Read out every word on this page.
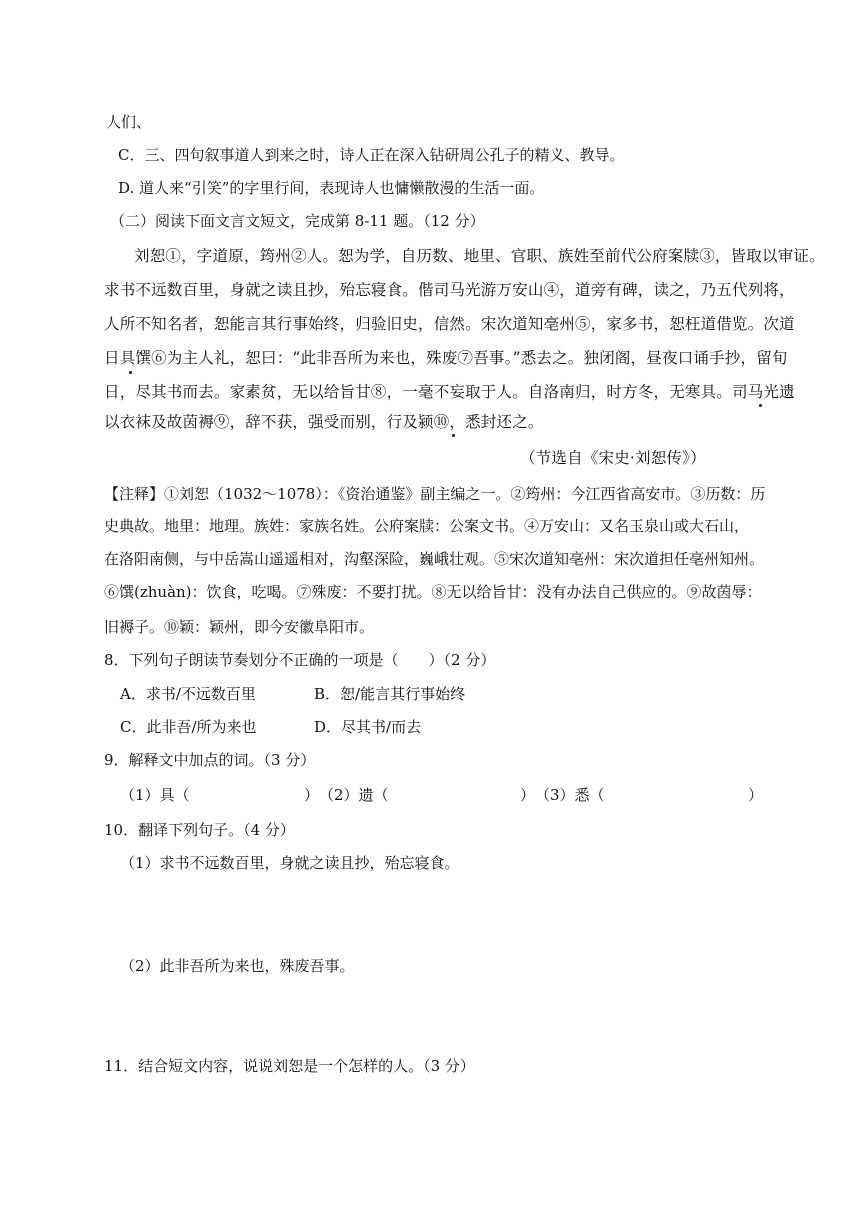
人们、
C．三、四句叙事道人到来之时，诗人正在深入钻研周公孔子的精义、教导。
D. 道人来“引笑”的字里行间，表现诗人也慵懒散漫的生活一面。
（二）阅读下面文言文短文，完成第 8-11 题。（12 分）
刘恕①，字道原，筠州②人。恕为学，自历数、地里、官职、族姓至前代公府案牍③，皆取以审证。
求书不远数百里，身就之读且抄，殆忘寝食。偕司马光游万安山④，道旁有碑，读之，乃五代列将，
人所不知名者，恕能言其行事始终，归验旧史，信然。宋次道知亳州⑤，家多书，恕枉道借览。次道
日具馔⑥为主人礼，恕曰：“此非吾所为来也，殊废⑦吾事。”悉去之。独闭阁，昼夜口诵手抄，留旬
日，尽其书而去。家素贫，无以给旨甘⑧，一毫不妄取于人。自洛南归，时方冬，无寒具。司马光遗
以衣袜及故茵褥⑨，辞不获，强受而别，行及颍⑩，悉封还之。
（节选自《宋史·刘恕传》）
【注释】①刘恕（1032～1078）：《资治通鉴》副主编之一。②筠州：今江西省高安市。③历数：历
史典故。地里：地理。族姓：家族名姓。公府案牍：公案文书。④万安山：又名玉泉山或大石山，
在洛阳南侧，与中岳嵩山遥遥相对，沟壑深险，巍峨壮观。⑤宋次道知亳州：宋次道担任亳州知州。
⑥馔(zhuàn)：饮食，吃喝。⑦殊废：不要打扰。⑧无以给旨甘：没有办法自己供应的。⑨故茵辱：
旧褥子。⑩颖：颖州，即今安徽阜阳市。
8．下列句子朗读节奏划分不正确的一项是（　　）（2 分）
A．求书/不远数百里	B．恕/能言其行事始终
C．此非吾/所为来也	D．尽其书/而去
9．解释文中加点的词。（3 分）
（1）具（	）　（2）遗（	）　（3）悉（	）
10．翻译下列句子。（4 分）
（1）求书不远数百里，身就之读且抄，殆忘寝食。
（2）此非吾所为来也，殊废吾事。
11．结合短文内容，说说刘恕是一个怎样的人。（3 分）
